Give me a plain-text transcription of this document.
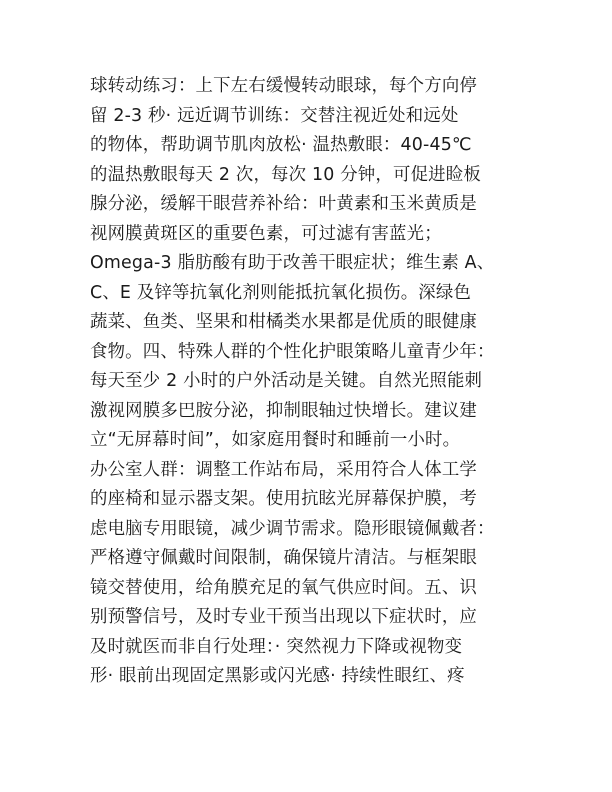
球转动练习：上下左右缓慢转动眼球，每个方向停
留 2-3 秒· 远近调节训练：交替注视近处和远处
的物体，帮助调节肌肉放松· 温热敷眼：40-45℃
的温热敷眼每天 2 次，每次 10 分钟，可促进睑板
腺分泌，缓解干眼营养补给：叶黄素和玉米黄质是
视网膜黄斑区的重要色素，可过滤有害蓝光；
Omega-3 脂肪酸有助于改善干眼症状；维生素 A、
C、E 及锌等抗氧化剂则能抵抗氧化损伤。深绿色
蔬菜、鱼类、坚果和柑橘类水果都是优质的眼健康
食物。四、特殊人群的个性化护眼策略儿童青少年：
每天至少 2 小时的户外活动是关键。自然光照能刺
激视网膜多巴胺分泌，抑制眼轴过快增长。建议建
立“无屏幕时间”，如家庭用餐时和睡前一小时。
办公室人群：调整工作站布局，采用符合人体工学
的座椅和显示器支架。使用抗眩光屏幕保护膜，考
虑电脑专用眼镜，减少调节需求。隐形眼镜佩戴者：
严格遵守佩戴时间限制，确保镜片清洁。与框架眼
镜交替使用，给角膜充足的氧气供应时间。五、识
别预警信号，及时专业干预当出现以下症状时，应
及时就医而非自行处理：· 突然视力下降或视物变
形· 眼前出现固定黑影或闪光感· 持续性眼红、疼
